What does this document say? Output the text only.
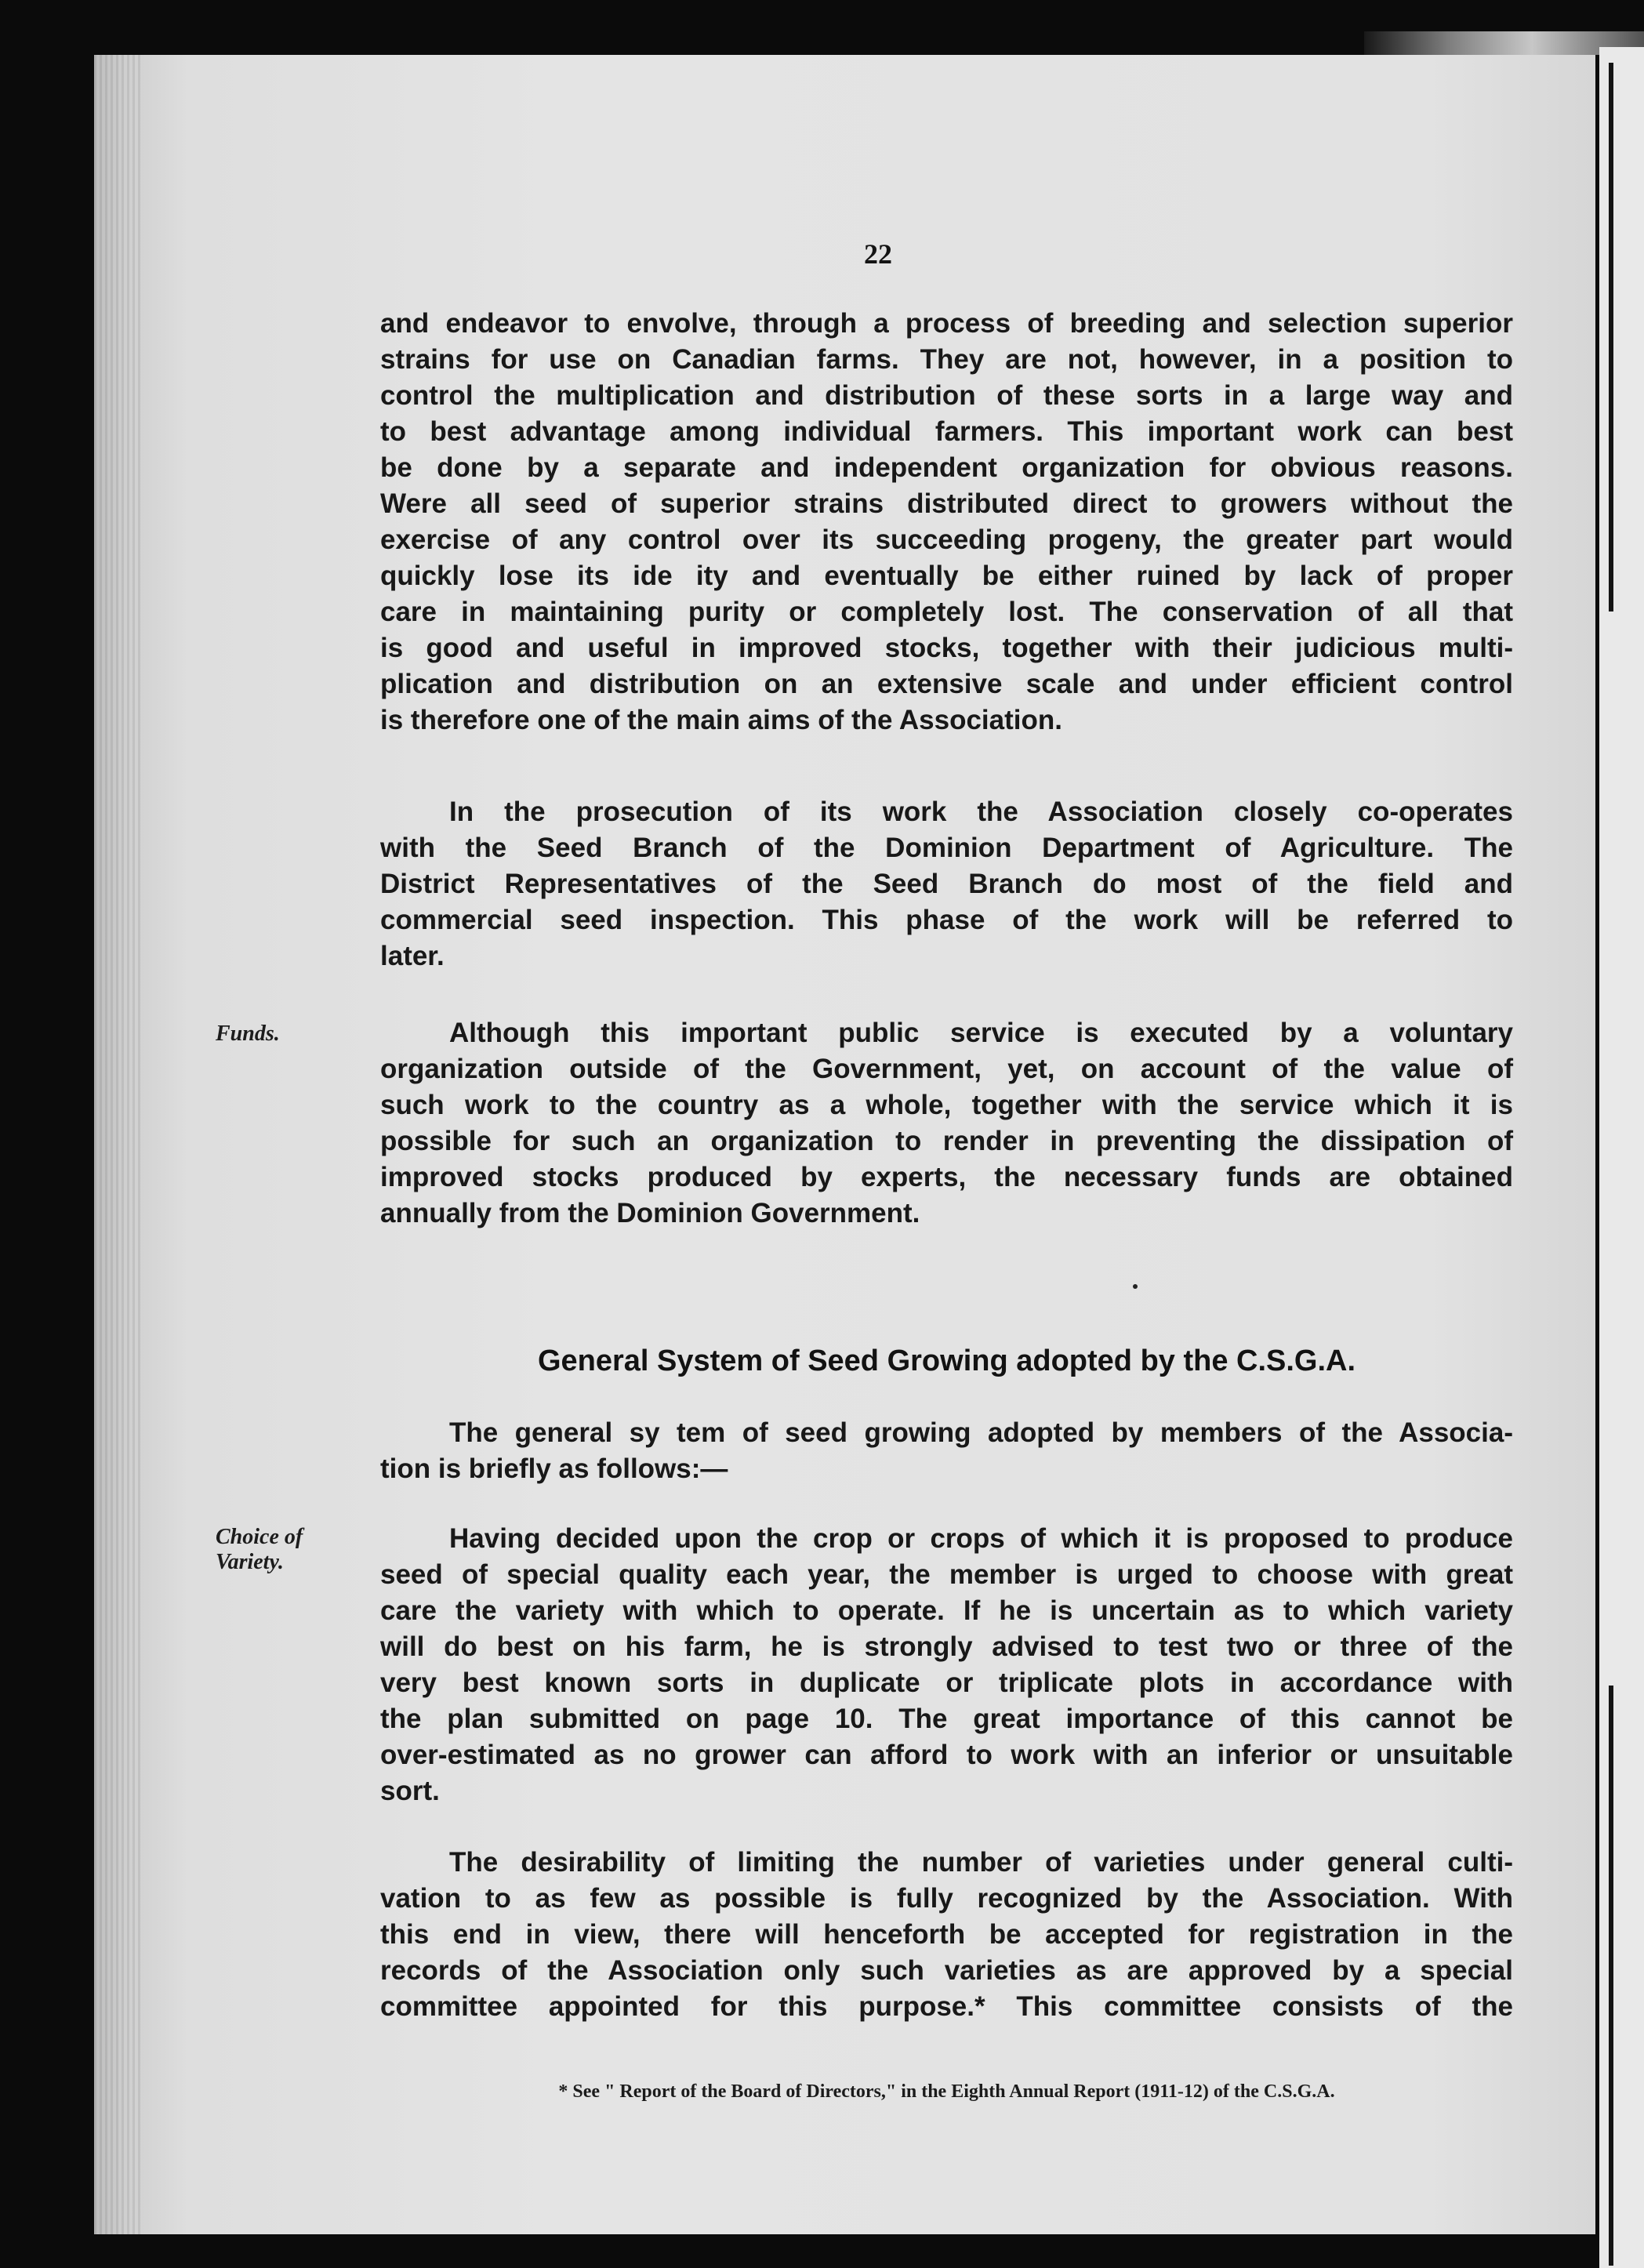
22
and endeavor to envolve, through a process of breeding and selection superior
strains for use on Canadian farms. They are not, however, in a position to
control the multiplication and distribution of these sorts in a large way and
to best advantage among individual farmers. This important work can best
be done by a separate and independent organization for obvious reasons.
Were all seed of superior strains distributed direct to growers without the
exercise of any control over its succeeding progeny, the greater part would
quickly lose its ide ity and eventually be either ruined by lack of proper
care in maintaining purity or completely lost. The conservation of all that
is good and useful in improved stocks, together with their judicious multi-
plication and distribution on an extensive scale and under efficient control
is therefore one of the main aims of the Association.
In the prosecution of its work the Association closely co-operates
with the Seed Branch of the Dominion Department of Agriculture. The
District Representatives of the Seed Branch do most of the field and
commercial seed inspection. This phase of the work will be referred to
later.
Funds.	Although this important public service is executed by a voluntary
organization outside of the Government, yet, on account of the value of
such work to the country as a whole, together with the service which it is
possible for such an organization to render in preventing the dissipation of
improved stocks produced by experts, the necessary funds are obtained
annually from the Dominion Government.
General System of Seed Growing adopted by the C.S.G.A.
The general sy tem of seed growing adopted by members of the Associa-
tion is briefly as follows:—
Choice of Variety.
Having decided upon the crop or crops of which it is proposed to produce
seed of special quality each year, the member is urged to choose with great
care the variety with which to operate. If he is uncertain as to which variety
will do best on his farm, he is strongly advised to test two or three of the
very best known sorts in duplicate or triplicate plots in accordance with
the plan submitted on page 10. The great importance of this cannot be
over-estimated as no grower can afford to work with an inferior or unsuitable
sort.
The desirability of limiting the number of varieties under general culti-
vation to as few as possible is fully recognized by the Association. With
this end in view, there will henceforth be accepted for registration in the
records of the Association only such varieties as are approved by a special
committee appointed for this purpose.* This committee consists of the
* See " Report of the Board of Directors," in the Eighth Annual Report (1911-12) of the C.S.G.A.
